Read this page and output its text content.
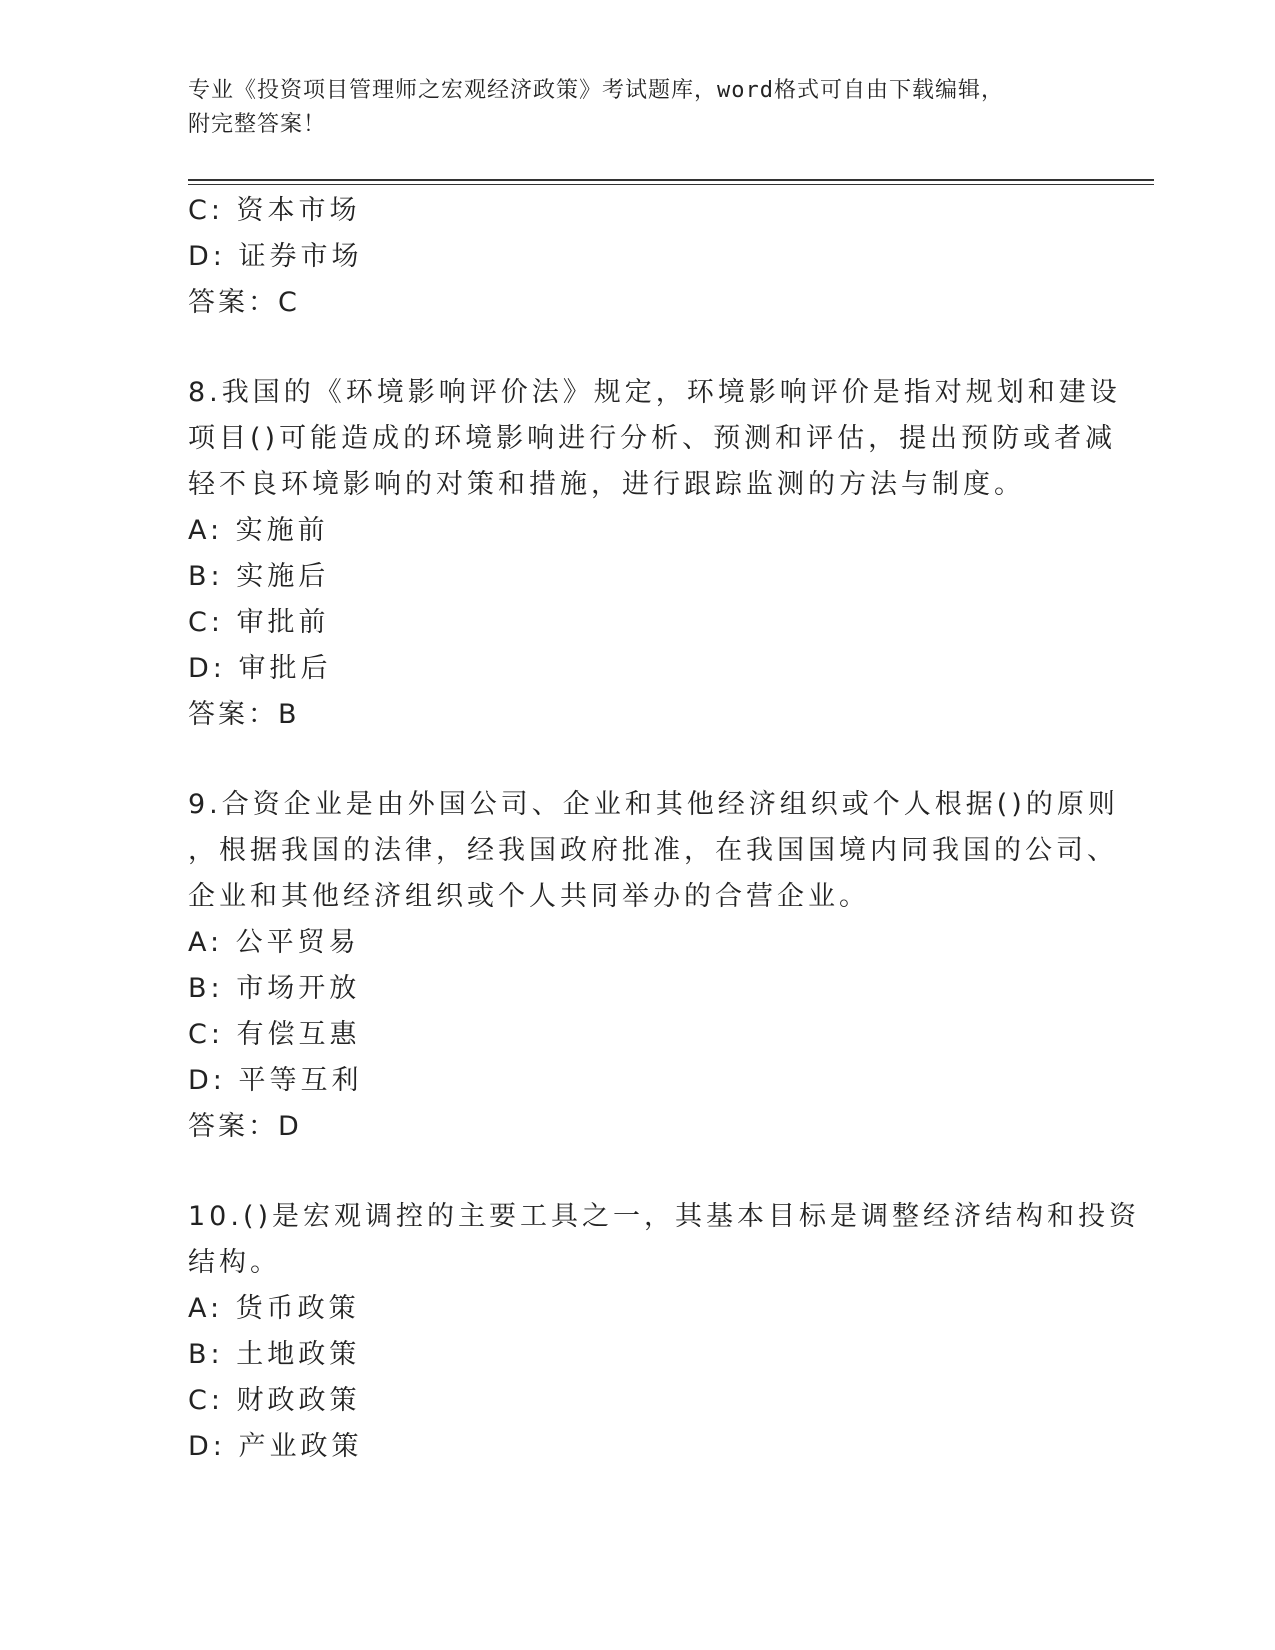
专业《投资项目管理师之宏观经济政策》考试题库，word格式可自由下载编辑，
附完整答案！
C: 资本市场
D: 证券市场
答案：C
8.我国的《环境影响评价法》规定，环境影响评价是指对规划和建设
项目()可能造成的环境影响进行分析、预测和评估，提出预防或者减
轻不良环境影响的对策和措施，进行跟踪监测的方法与制度。
A: 实施前
B: 实施后
C: 审批前
D: 审批后
答案：B
9.合资企业是由外国公司、企业和其他经济组织或个人根据()的原则
，根据我国的法律，经我国政府批准，在我国国境内同我国的公司、
企业和其他经济组织或个人共同举办的合营企业。
A: 公平贸易
B: 市场开放
C: 有偿互惠
D: 平等互利
答案：D
10.()是宏观调控的主要工具之一，其基本目标是调整经济结构和投资
结构。
A: 货币政策
B: 土地政策
C: 财政政策
D: 产业政策
